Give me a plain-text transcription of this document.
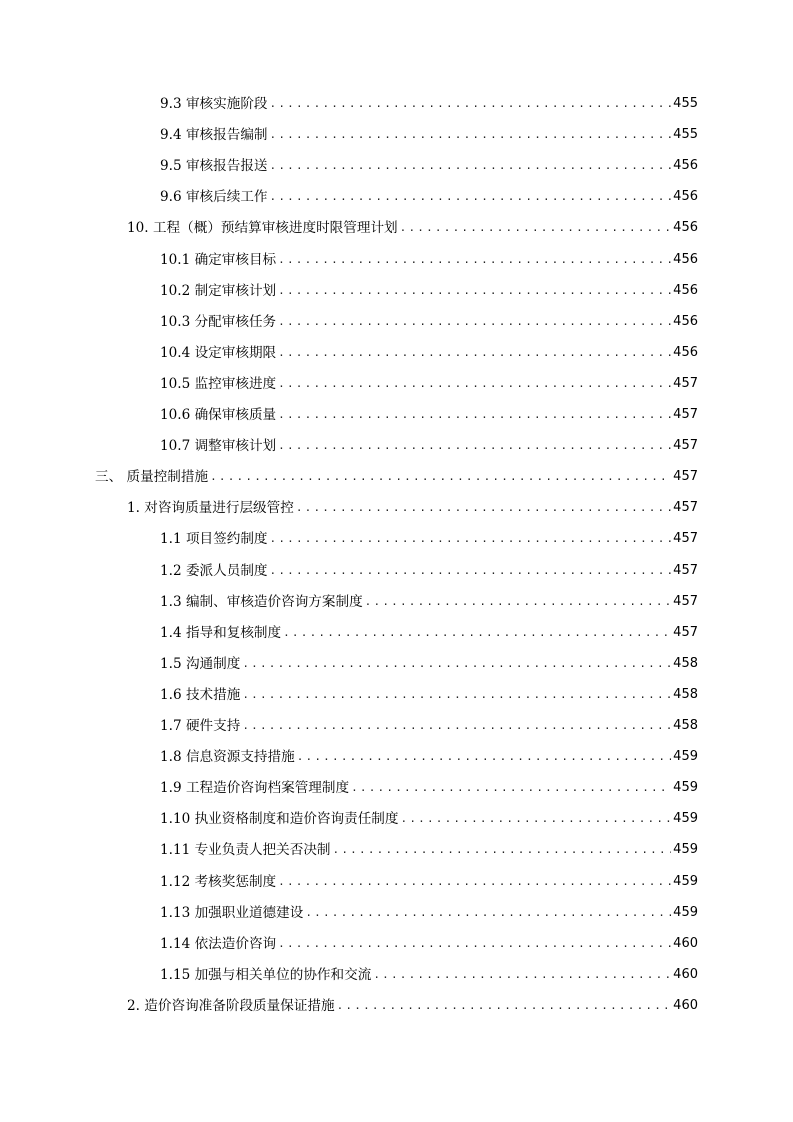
9.3 审核实施阶段 .....	455
9.4 审核报告编制 .....	455
9.5 审核报告报送 .....	456
9.6 审核后续工作 .....	456
10. 工程（概）预结算审核进度时限管理计划 .....	456
10.1 确定审核目标 .....	456
10.2 制定审核计划 .....	456
10.3 分配审核任务 .....	456
10.4 设定审核期限 .....	456
10.5 监控审核进度 .....	457
10.6 确保审核质量 .....	457
10.7 调整审核计划 .....	457
三、 质量控制措施 .....	457
1. 对咨询质量进行层级管控 .....	457
1.1 项目签约制度 .....	457
1.2 委派人员制度 .....	457
1.3 编制、审核造价咨询方案制度 .....	457
1.4 指导和复核制度 .....	457
1.5 沟通制度 .....	458
1.6 技术措施 .....	458
1.7 硬件支持 .....	458
1.8 信息资源支持措施 .....	459
1.9 工程造价咨询档案管理制度 .....	459
1.10 执业资格制度和造价咨询责任制度 .....	459
1.11 专业负责人把关否决制 .....	459
1.12 考核奖惩制度 .....	459
1.13 加强职业道德建设 .....	459
1.14 依法造价咨询 .....	460
1.15 加强与相关单位的协作和交流 .....	460
2. 造价咨询准备阶段质量保证措施 .....	460
